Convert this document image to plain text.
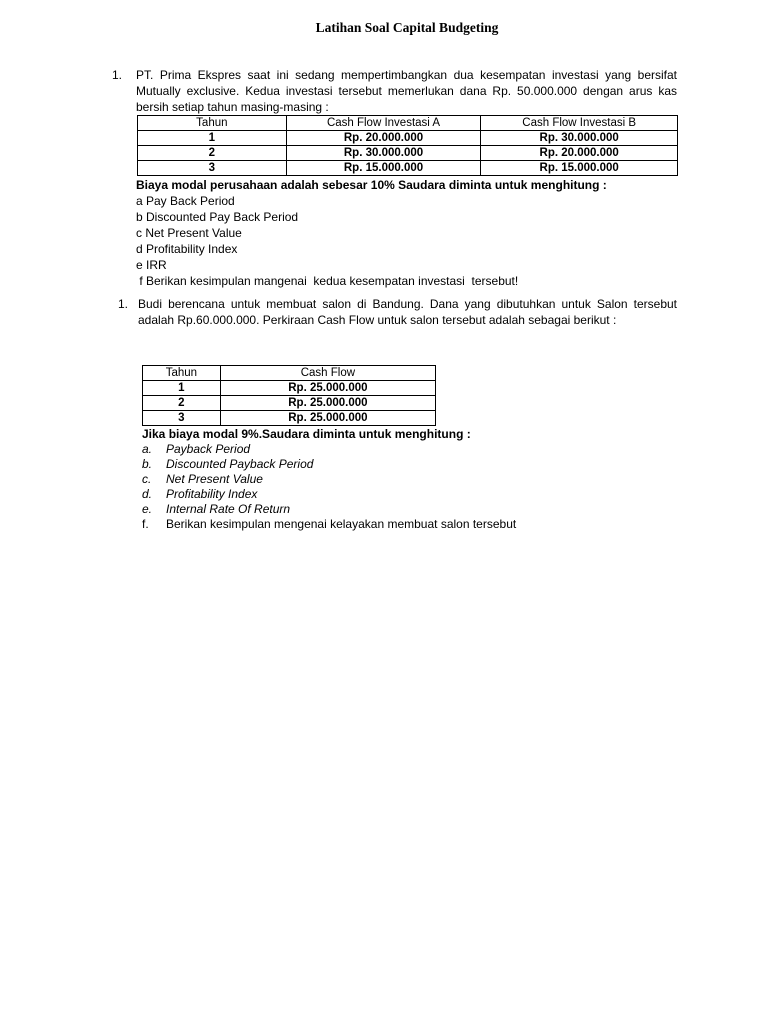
Latihan Soal Capital Budgeting
1. PT. Prima Ekspres saat ini sedang mempertimbangkan dua kesempatan investasi yang bersifat Mutually exclusive. Kedua investasi tersebut memerlukan dana Rp. 50.000.000 dengan arus kas bersih setiap tahun masing-masing :
Tahun	Cash Flow Investasi A	Cash Flow Investasi B
1	Rp. 20.000.000	Rp. 30.000.000
2	Rp. 30.000.000	Rp. 20.000.000
3	Rp. 15.000.000	Rp. 15.000.000
Biaya modal perusahaan adalah sebesar 10% Saudara diminta untuk menghitung :
a Pay Back Period
b Discounted Pay Back Period
c Net Present Value
d Profitability Index
e IRR
f Berikan kesimpulan mangenai  kedua kesempatan investasi  tersebut!
1. Budi berencana untuk membuat salon di Bandung. Dana yang dibutuhkan untuk Salon tersebut adalah Rp.60.000.000. Perkiraan Cash Flow untuk salon tersebut adalah sebagai berikut :
Tahun	Cash Flow
1	Rp. 25.000.000
2	Rp. 25.000.000
3	Rp. 25.000.000
Jika biaya modal 9%.Saudara diminta untuk menghitung :
a. Payback Period
b. Discounted Payback Period
c. Net Present Value
d. Profitability Index
e. Internal Rate Of Return
f. Berikan kesimpulan mengenai kelayakan membuat salon tersebut
